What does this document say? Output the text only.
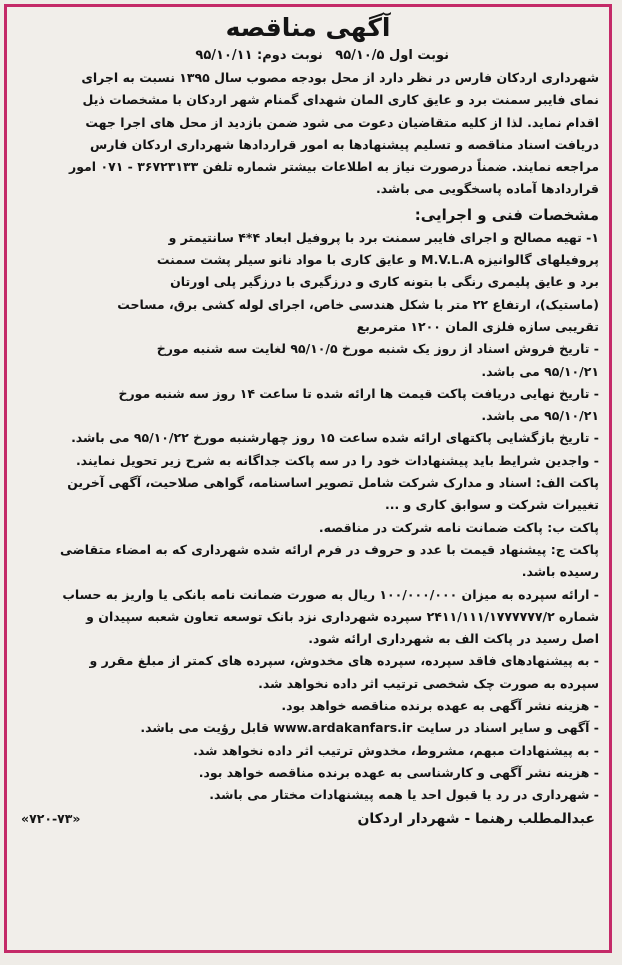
آگهی مناقصه
نوبت اول ۹۵/۱۰/۵ نوبت دوم: ۹۵/۱۰/۱۱

شهرداری اردکان فارس در نظر دارد از محل بودجه مصوب سال ۱۳۹۵ نسبت به اجرای

نمای فایبر سمنت برد و عایق کاری المان شهدای گمنام شهر اردکان با مشخصات ذیل

اقدام نماید. لذا از کلیه متقاضیان دعوت می شود ضمن بازدید از محل های اجرا جهت

دریافت اسناد مناقصه و تسلیم پیشنهادها به امور قراردادها شهرداری اردکان فارس

مراجعه نمایند. ضمناً درصورت نیاز به اطلاعات بیشتر شماره تلفن ۳۶۷۲۳۱۳۳ - ۰۷۱ امور

قراردادها آماده پاسخگویی می باشد.

مشخصات فنی و اجرایی:

۱- تهیه مصالح و اجرای فایبر سمنت برد با پروفیل ابعاد ۴*۴ سانتیمتر و

پروفیلهای گالوانیزه M.V.L.A و عایق کاری با مواد نانو سیلر پشت سمنت

برد و عایق پلیمری رنگی با بتونه کاری و درزگیری با درزگیر پلی اورتان

(ماستیک)، ارتفاع ۲۲ متر با شکل هندسی خاص، اجرای لوله کشی برق، مساحت

تقریبی سازه فلزی المان ۱۲۰۰ مترمربع

- تاریخ فروش اسناد از روز یک شنبه مورخ ۹۵/۱۰/۵ لغایت سه شنبه مورخ

۹۵/۱۰/۲۱ می باشد.

- تاریخ نهایی دریافت پاکت قیمت ها ارائه شده تا ساعت ۱۴ روز سه شنبه مورخ

۹۵/۱۰/۲۱ می باشد.

- تاریخ بازگشایی پاکتهای ارائه شده ساعت ۱۵ روز چهارشنبه مورخ ۹۵/۱۰/۲۲ می باشد.

- واجدین شرایط باید پیشنهادات خود را در سه پاکت جداگانه به شرح زیر تحویل نمایند.

پاکت الف: اسناد و مدارک شرکت شامل تصویر اساسنامه، گواهی صلاحیت، آگهی آخرین

تغییرات شرکت و سوابق کاری و ...

پاکت ب: پاکت ضمانت نامه شرکت در مناقصه.

پاکت ج: پیشنهاد قیمت با عدد و حروف در فرم ارائه شده شهرداری که به امضاء متقاضی

رسیده باشد.

- ارائه سپرده به میزان ۱۰۰/۰۰۰/۰۰۰ ریال به صورت ضمانت نامه بانکی یا واریز به حساب

شماره ۲۴۱۱/۱۱۱/۱۷۷۷۷۷۷/۲ سپرده شهرداری نزد بانک توسعه تعاون شعبه سپیدان و

اصل رسید در پاکت الف به شهرداری ارائه شود.

- به پیشنهادهای فاقد سپرده، سپرده های مخدوش، سپرده های کمتر از مبلغ مقرر و

سپرده به صورت چک شخصی ترتیب اثر داده نخواهد شد.

- هزینه نشر آگهی به عهده برنده مناقصه خواهد بود.

- آگهی و سایر اسناد در سایت www.ardakanfars.ir قابل رؤیت می باشد.

- به پیشنهادات مبهم، مشروط، مخدوش ترتیب اثر داده نخواهد شد.

- هزینه نشر آگهی و کارشناسی به عهده برنده مناقصه خواهد بود.

- شهرداری در رد یا قبول احد یا همه پیشنهادات مختار می باشد.

عبدالمطلب رهنما - شهردار اردکان
«۷۲۰-۷۳»
